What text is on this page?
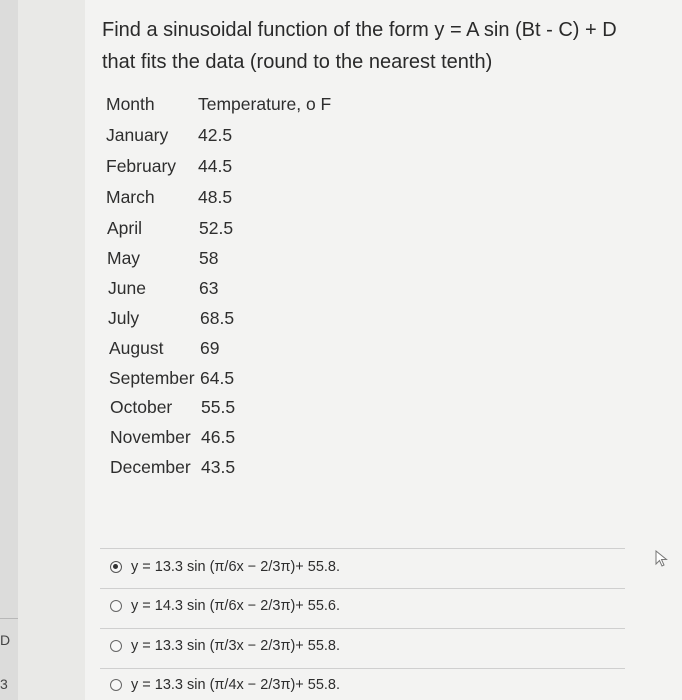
D
3
Find a sinusoidal function of the form y = A sin (Bt - C) + D
that fits the data (round to the nearest tenth)
Month Temperature, o F
January 42.5
February 44.5
March 48.5
April	52.5
May	58
June	63
July	68.5
August 69
September 64.5
October 55.5
November 46.5
December 43.5
y = 13.3 sin (π/6x − 2/3π)+ 55.8.
y = 14.3 sin (π/6x − 2/3π)+ 55.6.
y = 13.3 sin (π/3x − 2/3π)+ 55.8.
y = 13.3 sin (π/4x − 2/3π)+ 55.8.
